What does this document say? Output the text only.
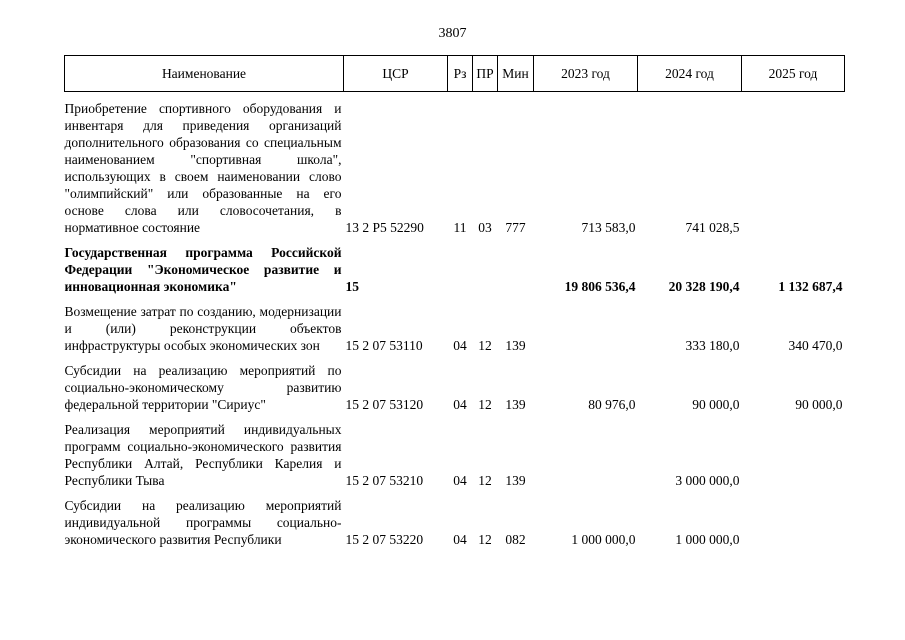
3807
Наименование	ЦСР	Рз	ПР	Мин	2023 год	2024 год	2025 год

Приобретение спортивного оборудования и инвентаря для приведения организаций дополнительного образования со специальным наименованием "спортивная школа", использующих в своем наименовании слово "олимпийский" или образованные на его основе слова или словосочетания, в нормативное состояние	13 2 P5 52290	11	03	777	713 583,0	741 028,5	

Государственная программа Российской Федерации "Экономическое развитие и инновационная экономика"	15				19 806 536,4	20 328 190,4	1 132 687,4

Возмещение затрат по созданию, модернизации и (или) реконструкции объектов инфраструктуры особых экономических зон	15 2 07 53110	04	12	139		333 180,0	340 470,0

Субсидии на реализацию мероприятий по социально-экономическому развитию федеральной территории "Сириус"	15 2 07 53120	04	12	139	80 976,0	90 000,0	90 000,0

Реализация мероприятий индивидуальных программ социально-экономического развития Республики Алтай, Республики Карелия и Республики Тыва	15 2 07 53210	04	12	139		3 000 000,0	

Субсидии на реализацию мероприятий индивидуальной программы социально-экономического развития Республики	15 2 07 53220	04	12	082	1 000 000,0	1 000 000,0	
